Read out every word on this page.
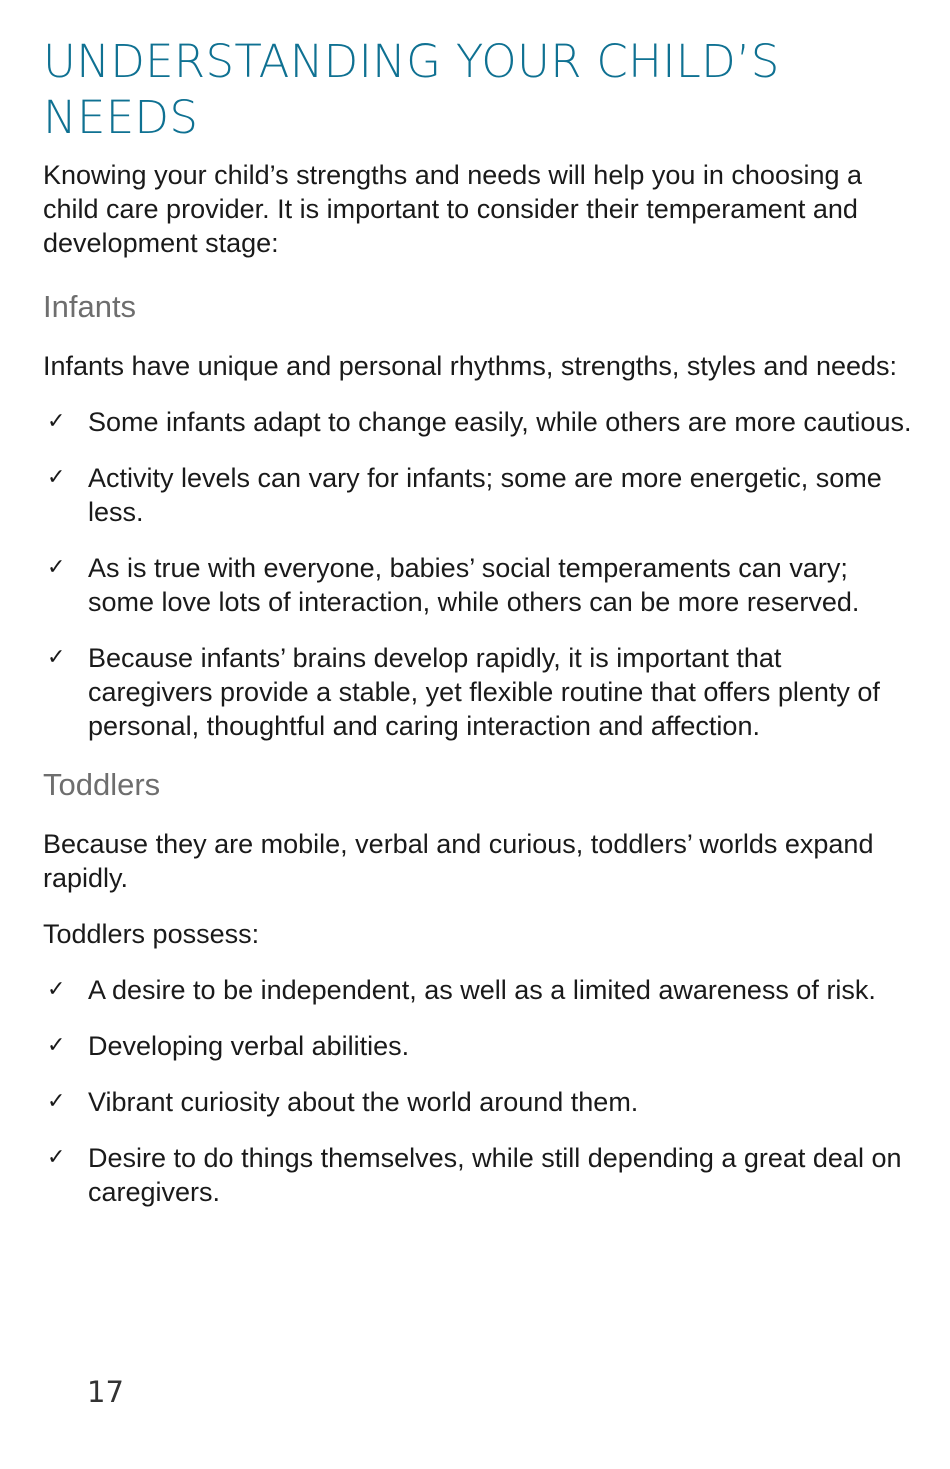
UNDERSTANDING YOUR CHILD’S NEEDS

Knowing your child’s strengths and needs will help you in choosing a child care provider. It is important to consider their temperament and development stage:

Infants

Infants have unique and personal rhythms, strengths, styles and needs:

✓ Some infants adapt to change easily, while others are more cautious.
✓ Activity levels can vary for infants; some are more energetic, some less.
✓ As is true with everyone, babies’ social temperaments can vary; some love lots of interaction, while others can be more reserved.
✓ Because infants’ brains develop rapidly, it is important that caregivers provide a stable, yet flexible routine that offers plenty of personal, thoughtful and caring interaction and affection.
Toddlers

Because they are mobile, verbal and curious, toddlers’ worlds expand rapidly.

Toddlers possess:

✓ A desire to be independent, as well as a limited awareness of risk.
✓ Developing verbal abilities.
✓ Vibrant curiosity about the world around them.
✓ Desire to do things themselves, while still depending a great deal on caregivers.
17
